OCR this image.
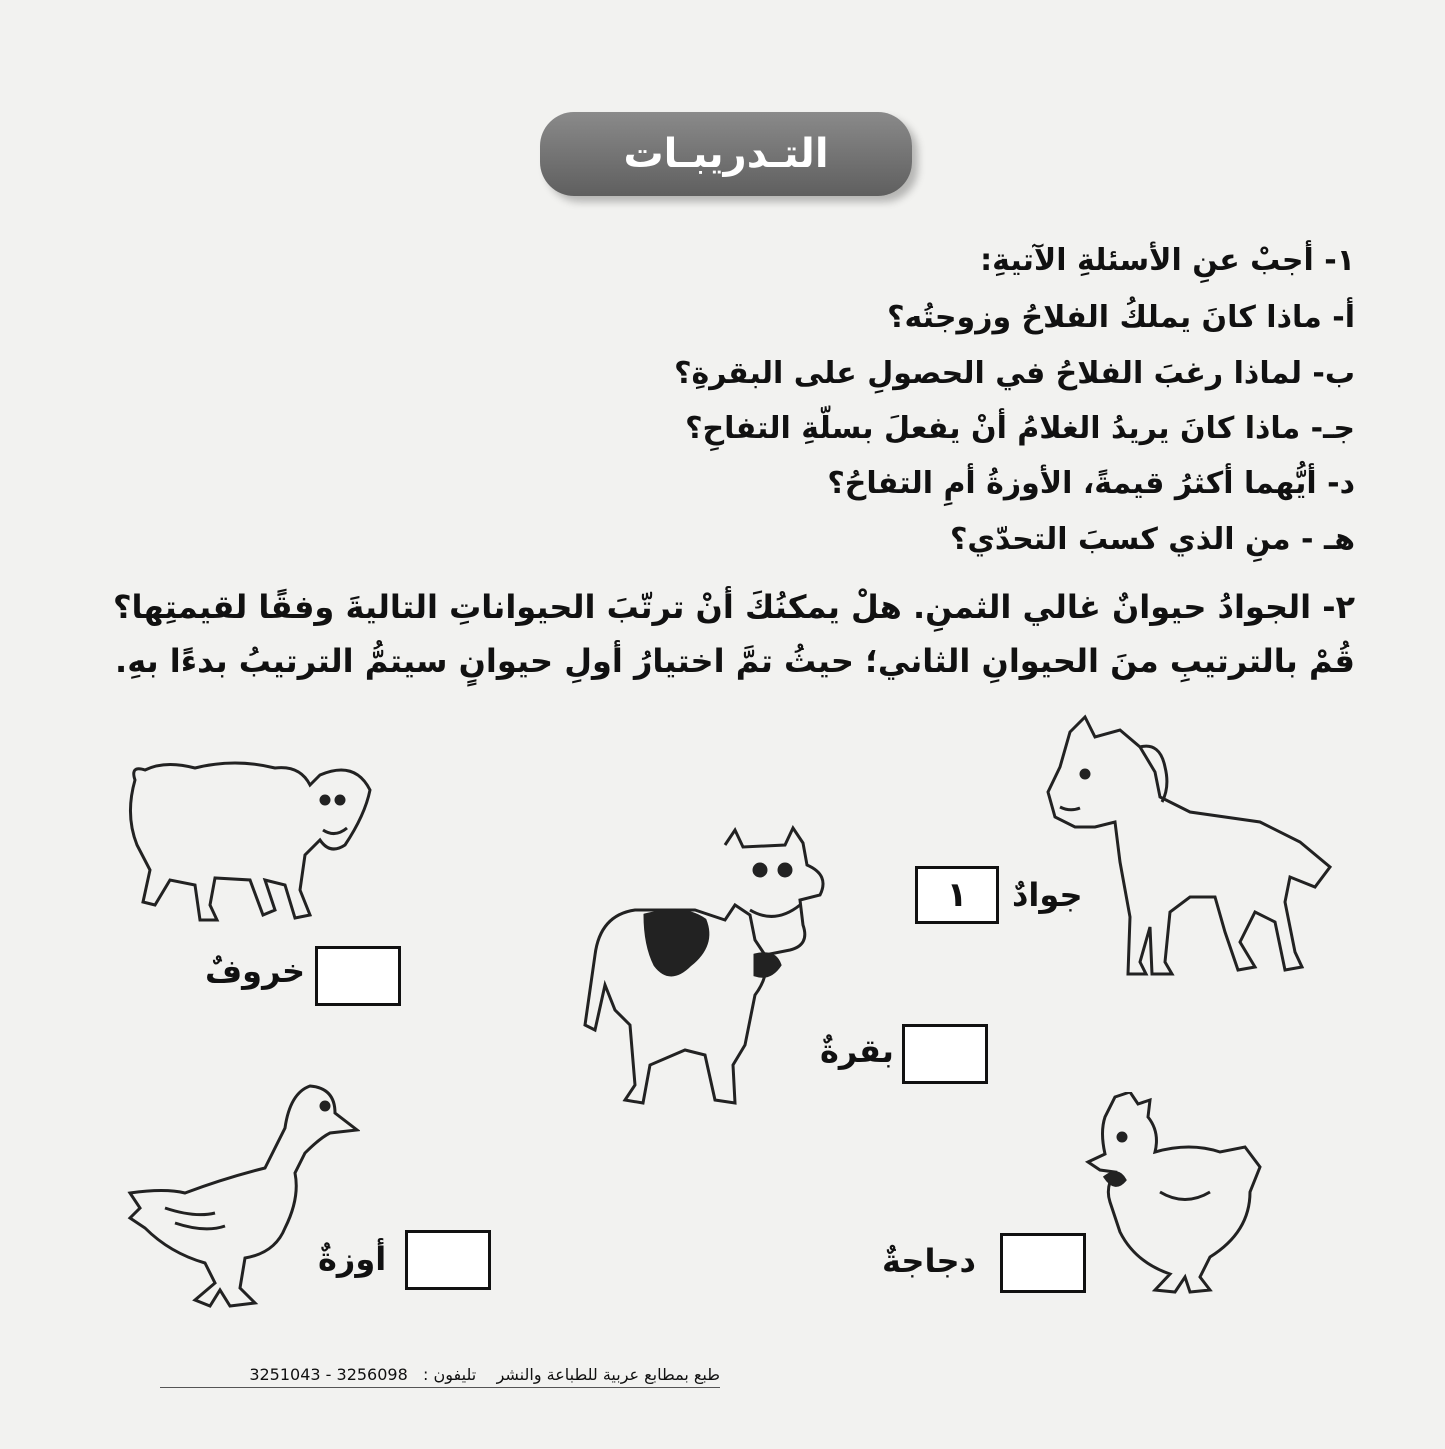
التـدريبـات
١- أجبْ عنِ الأسئلةِ الآتيةِ:
أ- ماذا كانَ يملكُ الفلاحُ وزوجتُه؟
ب- لماذا رغبَ الفلاحُ في الحصولِ على البقرةِ؟
جـ- ماذا كانَ يريدُ الغلامُ أنْ يفعلَ بسلّةِ التفاحِ؟
د- أيُّهما أكثرُ قيمةً، الأوزةُ أمِ التفاحُ؟
هـ - منِ الذي كسبَ التحدّي؟
٢- الجوادُ حيوانٌ غالي الثمنِ. هلْ يمكنُكَ أنْ ترتّبَ الحيواناتِ التاليةَ وفقًا لقيمتِها؟
قُمْ بالترتيبِ منَ الحيوانِ الثاني؛ حيثُ تمَّ اختيارُ أولِ حيوانٍ سيتمُّ الترتيبُ بدءًا بهِ.
١	جوادٌ
خروفٌ
بقرةٌ
أوزةٌ	دجاجةٌ
طبع بمطابع عربية للطباعة والنشر    تليفون :   3251043 - 3256098
